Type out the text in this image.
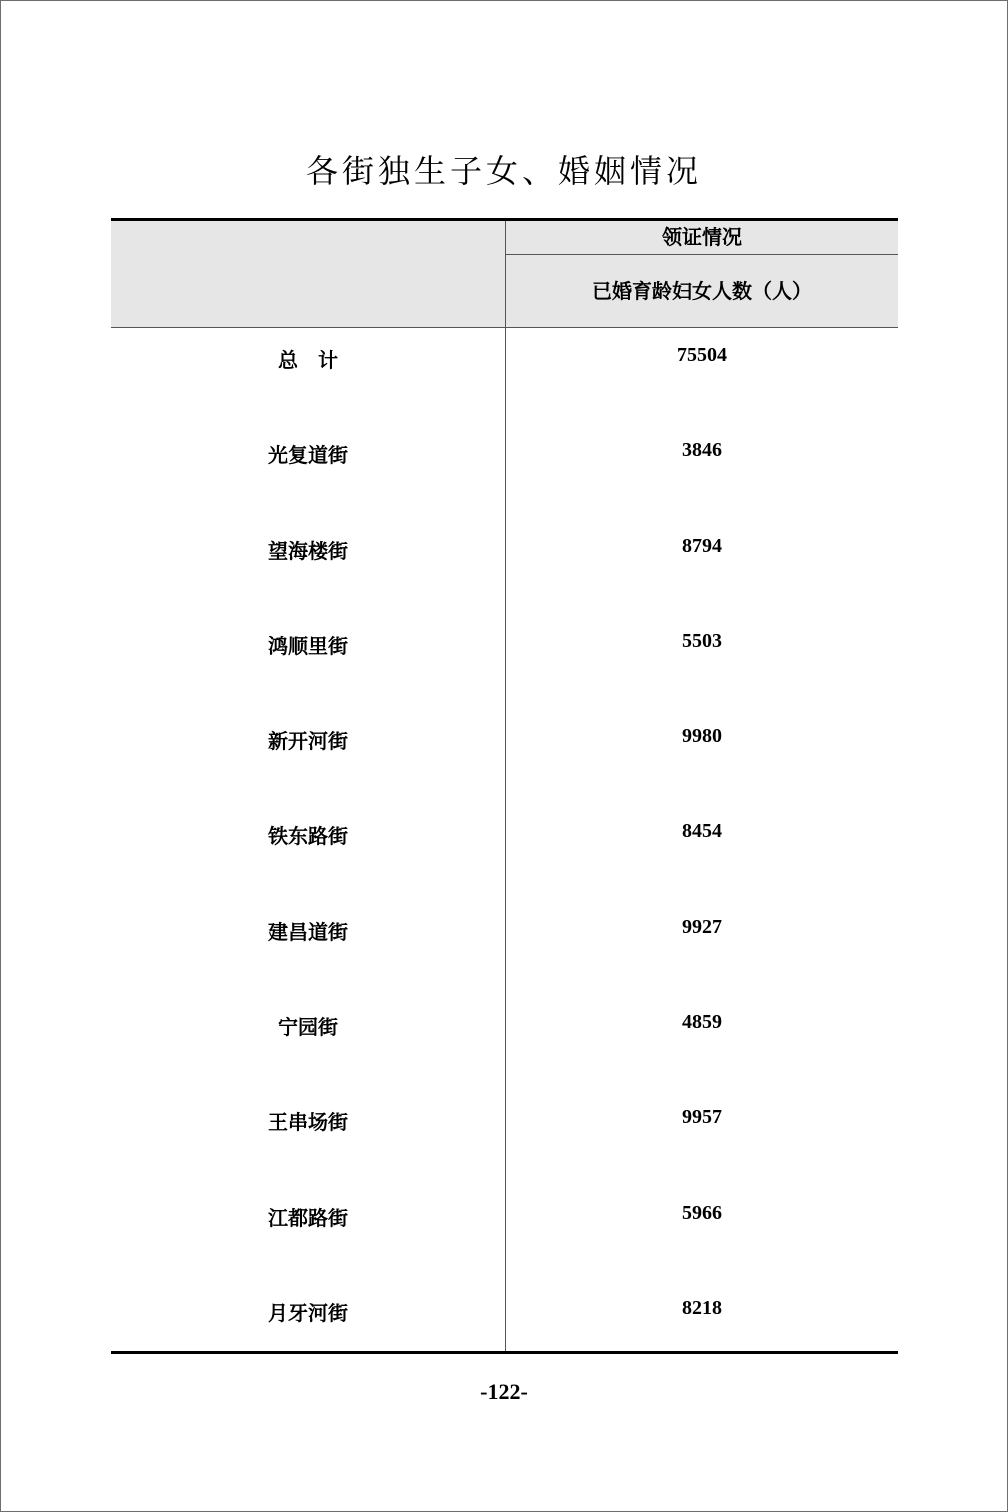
各街独生子女、婚姻情况
领证情况
已婚育龄妇女人数（人）
总　计	75504
光复道街	3846
望海楼街	8794
鸿顺里街	5503
新开河街	9980
铁东路街	8454
建昌道街	9927
宁园街	4859
王串场街	9957
江都路街	5966
月牙河街	8218
-122-
